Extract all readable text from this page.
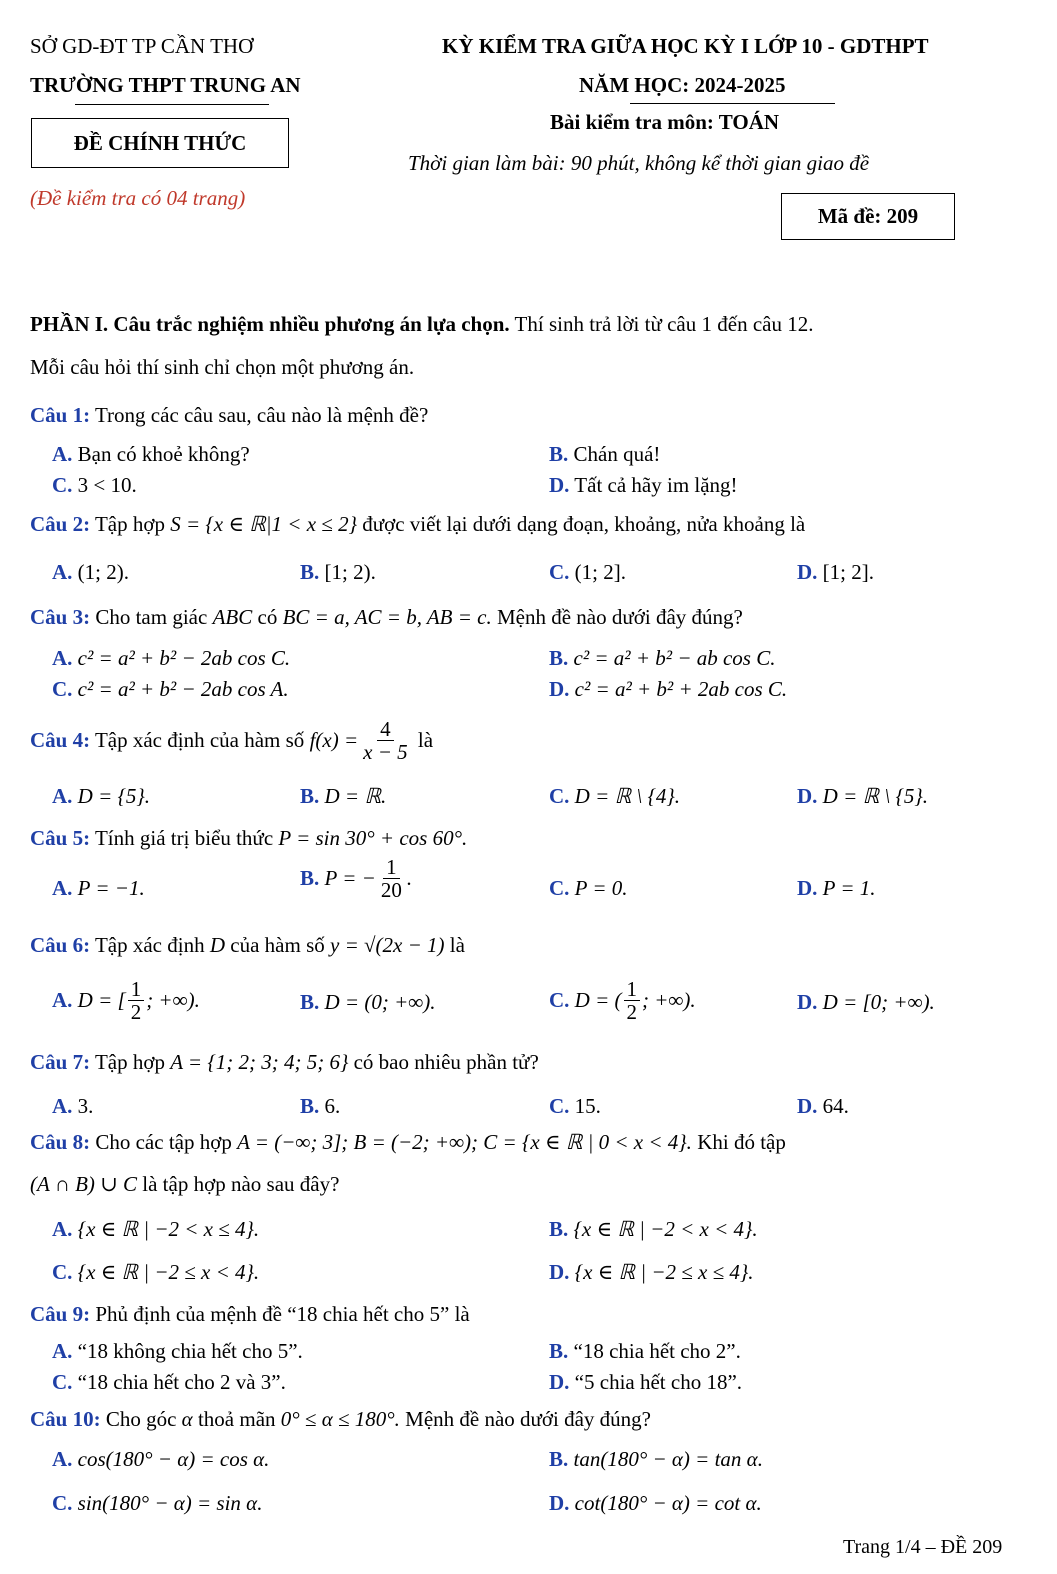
SỞ GD-ĐT TP CẦN THƠ
TRƯỜNG THPT TRUNG AN
ĐỀ CHÍNH THỨC
(Đề kiểm tra có 04 trang)
KỲ KIỂM TRA GIỮA HỌC KỲ I LỚP 10 - GDTHPT
NĂM HỌC: 2024-2025
Bài kiểm tra môn: TOÁN
Thời gian làm bài: 90 phút, không kể thời gian giao đề
Mã đề: 209
PHẦN I. Câu trắc nghiệm nhiều phương án lựa chọn. Thí sinh trả lời từ câu 1 đến câu 12.
Mỗi câu hỏi thí sinh chỉ chọn một phương án.
Câu 1: Trong các câu sau, câu nào là mệnh đề?
A. Bạn có khoẻ không?	B. Chán quá!
C. 3 < 10.	D. Tất cả hãy im lặng!
Câu 2: Tập hợp S = {x ∈ ℝ|1 < x ≤ 2} được viết lại dưới dạng đoạn, khoảng, nửa khoảng là
A. (1; 2).	B. [1; 2).	C. (1; 2].	D. [1; 2].
Câu 3: Cho tam giác ABC có BC = a, AC = b, AB = c. Mệnh đề nào dưới đây đúng?
A. c² = a² + b² − 2ab cos C.	B. c² = a² + b² − ab cos C.
C. c² = a² + b² − 2ab cos A.	D. c² = a² + b² + 2ab cos C.
Câu 4: Tập xác định của hàm số $f(x) = \frac{4}{x - 5}$ là
A. D = {5}.	B. D = ℝ.	C. D = ℝ \ {4}.	D. D = ℝ \ {5}.
Câu 5: Tính giá trị biểu thức P = sin 30° + cos 60°.
A. P = −1.	B. P = − $\frac{1}{20}$ .	C. P = 0.	D. P = 1.
Câu 6: Tập xác định D của hàm số y = √(2x − 1) là
A. D = [ $\frac{1}{2}$ ; +∞).	B. D = (0; +∞).	C. D = ( $\frac{1}{2}$ ; +∞).	D. D = [0; +∞).
Câu 7: Tập hợp A = {1; 2; 3; 4; 5; 6} có bao nhiêu phần tử?
A. 3.	B. 6.	C. 15.	D. 64.
Câu 8: Cho các tập hợp A = (−∞; 3]; B = (−2; +∞); C = {x ∈ ℝ | 0 < x < 4}. Khi đó tập
(A ∩ B) ∪ C là tập hợp nào sau đây?
A. {x ∈ ℝ | −2 < x ≤ 4}.	B. {x ∈ ℝ | −2 < x < 4}.
C. {x ∈ ℝ | −2 ≤ x < 4}.	D. {x ∈ ℝ | −2 ≤ x ≤ 4}.
Câu 9: Phủ định của mệnh đề “18 chia hết cho 5” là
A. “18 không chia hết cho 5”.	B. “18 chia hết cho 2”.
C. “18 chia hết cho 2 và 3”.	D. “5 chia hết cho 18”.
Câu 10: Cho góc α thoả mãn 0° ≤ α ≤ 180°. Mệnh đề nào dưới đây đúng?
A. cos(180° − α) = cos α.	B. tan(180° − α) = tan α.
C. sin(180° − α) = sin α.	D. cot(180° − α) = cot α.
Trang 1/4 – ĐỀ 209
